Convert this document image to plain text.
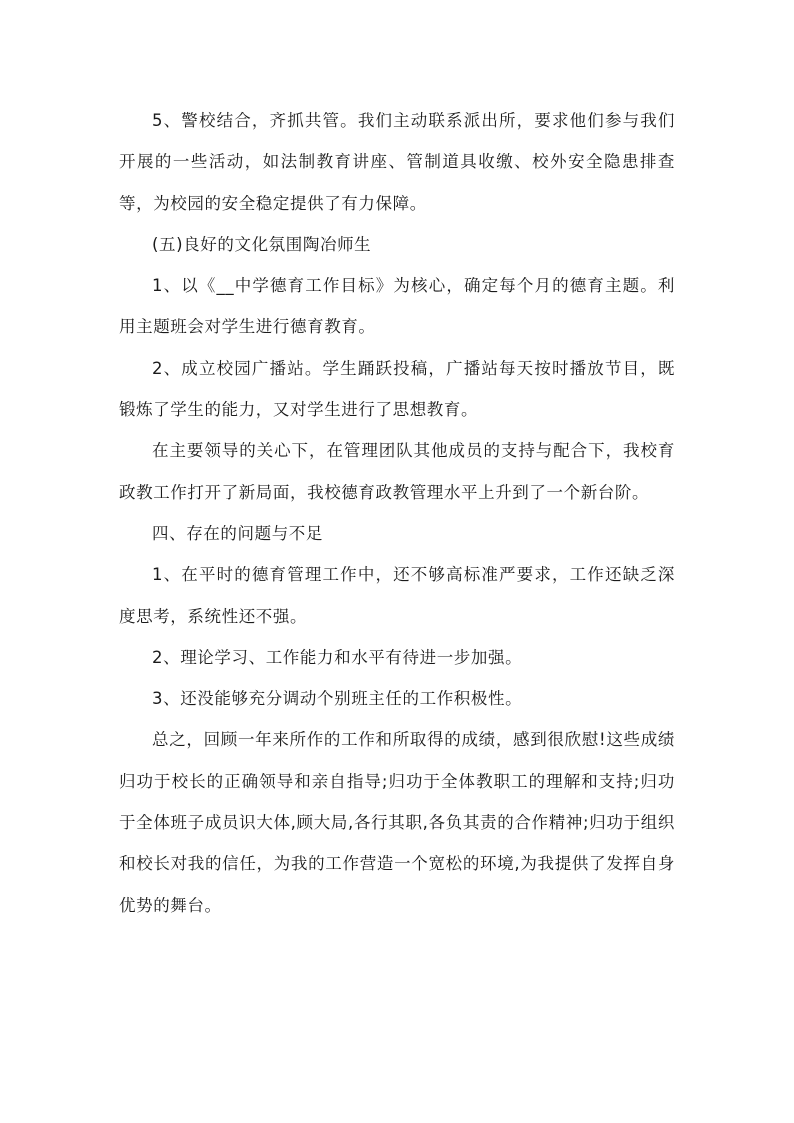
5、警校结合，齐抓共管。我们主动联系派出所，要求他们参与我们开展的一些活动，如法制教育讲座、管制道具收缴、校外安全隐患排查等，为校园的安全稳定提供了有力保障。

(五)良好的文化氛围陶冶师生

1、以《__中学德育工作目标》为核心，确定每个月的德育主题。利用主题班会对学生进行德育教育。

2、成立校园广播站。学生踊跃投稿，广播站每天按时播放节目，既锻炼了学生的能力，又对学生进行了思想教育。

在主要领导的关心下，在管理团队其他成员的支持与配合下，我校育政教工作打开了新局面，我校德育政教管理水平上升到了一个新台阶。

四、存在的问题与不足

1、在平时的德育管理工作中，还不够高标准严要求，工作还缺乏深度思考，系统性还不强。

2、理论学习、工作能力和水平有待进一步加强。

3、还没能够充分调动个别班主任的工作积极性。

总之，回顾一年来所作的工作和所取得的成绩，感到很欣慰!这些成绩归功于校长的正确领导和亲自指导;归功于全体教职工的理解和支持;归功于全体班子成员识大体,顾大局,各行其职,各负其责的合作精神;归功于组织和校长对我的信任，为我的工作营造一个宽松的环境,为我提供了发挥自身优势的舞台。
